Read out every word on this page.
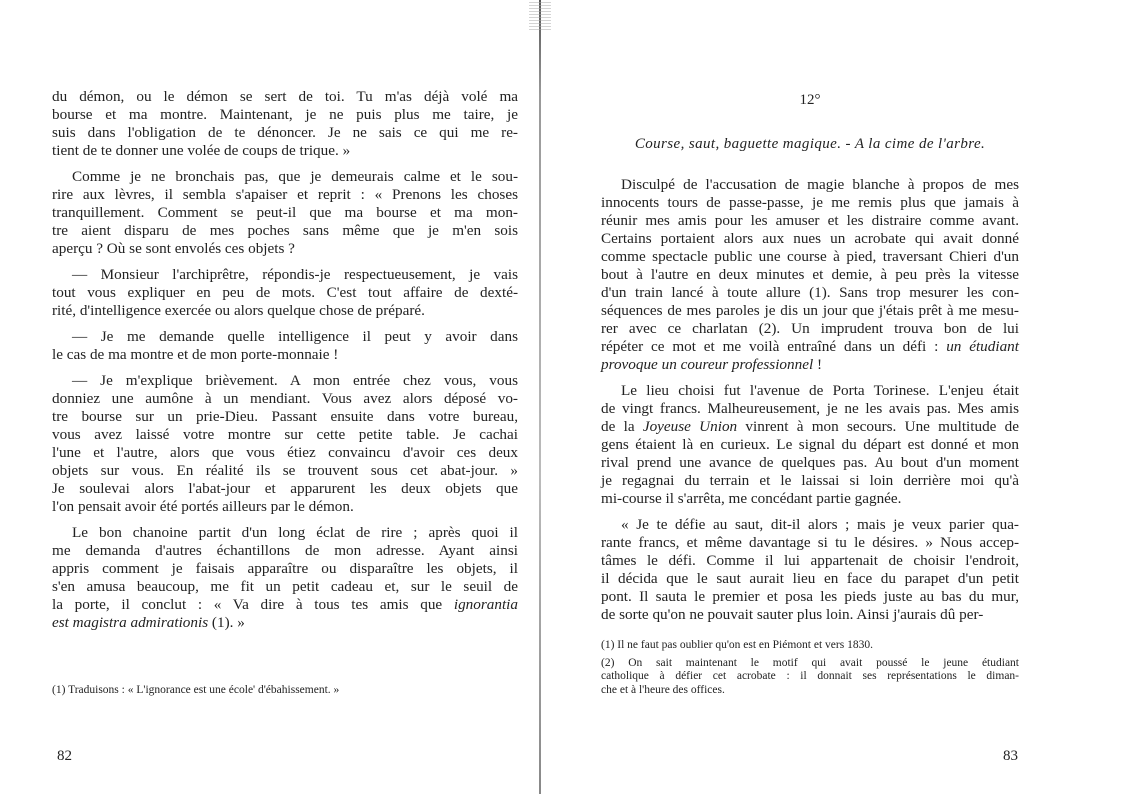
du démon, ou le démon se sert de toi. Tu m'as déjà volé ma
bourse et ma montre. Maintenant, je ne puis plus me taire, je
suis dans l'obligation de te dénoncer. Je ne sais ce qui me re-
tient de te donner une volée de coups de trique. »
Comme je ne bronchais pas, que je demeurais calme et le sou-
rire aux lèvres, il sembla s'apaiser et reprit : « Prenons les choses
tranquillement. Comment se peut-il que ma bourse et ma mon-
tre aient disparu de mes poches sans même que je m'en sois
aperçu ? Où se sont envolés ces objets ?
— Monsieur l'archiprêtre, répondis-je respectueusement, je vais
tout vous expliquer en peu de mots. C'est tout affaire de dexté-
rité, d'intelligence exercée ou alors quelque chose de préparé.
— Je me demande quelle intelligence il peut y avoir dans
le cas de ma montre et de mon porte-monnaie !
— Je m'explique brièvement. A mon entrée chez vous, vous
donniez une aumône à un mendiant. Vous avez alors déposé vo-
tre bourse sur un prie-Dieu. Passant ensuite dans votre bureau,
vous avez laissé votre montre sur cette petite table. Je cachai
l'une et l'autre, alors que vous étiez convaincu d'avoir ces deux
objets sur vous. En réalité ils se trouvent sous cet abat-jour. »
Je soulevai alors l'abat-jour et apparurent les deux objets que
l'on pensait avoir été portés ailleurs par le démon.
Le bon chanoine partit d'un long éclat de rire ; après quoi il
me demanda d'autres échantillons de mon adresse. Ayant ainsi
appris comment je faisais apparaître ou disparaître les objets, il
s'en amusa beaucoup, me fit un petit cadeau et, sur le seuil de
la porte, il conclut : « Va dire à tous tes amis que ignorantia
est magistra admirationis (1). »
(1) Traduisons : « L'ignorance est une école' d'ébahissement. »
82
12°
Course, saut, baguette magique. - A la cime de l'arbre.
Disculpé de l'accusation de magie blanche à propos de mes
innocents tours de passe-passe, je me remis plus que jamais à
réunir mes amis pour les amuser et les distraire comme avant.
Certains portaient alors aux nues un acrobate qui avait donné
comme spectacle public une course à pied, traversant Chieri d'un
bout à l'autre en deux minutes et demie, à peu près la vitesse
d'un train lancé à toute allure (1). Sans trop mesurer les con-
séquences de mes paroles je dis un jour que j'étais prêt à me mesu-
rer avec ce charlatan (2). Un imprudent trouva bon de lui
répéter ce mot et me voilà entraîné dans un défi : un étudiant
provoque un coureur professionnel !
Le lieu choisi fut l'avenue de Porta Torinese. L'enjeu était
de vingt francs. Malheureusement, je ne les avais pas. Mes amis
de la Joyeuse Union vinrent à mon secours. Une multitude de
gens étaient là en curieux. Le signal du départ est donné et mon
rival prend une avance de quelques pas. Au bout d'un moment
je regagnai du terrain et le laissai si loin derrière moi qu'à
mi-course il s'arrêta, me concédant partie gagnée.
« Je te défie au saut, dit-il alors ; mais je veux parier qua-
rante francs, et même davantage si tu le désires. » Nous accep-
tâmes le défi. Comme il lui appartenait de choisir l'endroit,
il décida que le saut aurait lieu en face du parapet d'un petit
pont. Il sauta le premier et posa les pieds juste au bas du mur,
de sorte qu'on ne pouvait sauter plus loin. Ainsi j'aurais dû per-
(1) Il ne faut pas oublier qu'on est en Piémont et vers 1830.
(2) On sait maintenant le motif qui avait poussé le jeune étudiant
catholique à défier cet acrobate : il donnait ses représentations le diman-
che et à l'heure des offices.
83
